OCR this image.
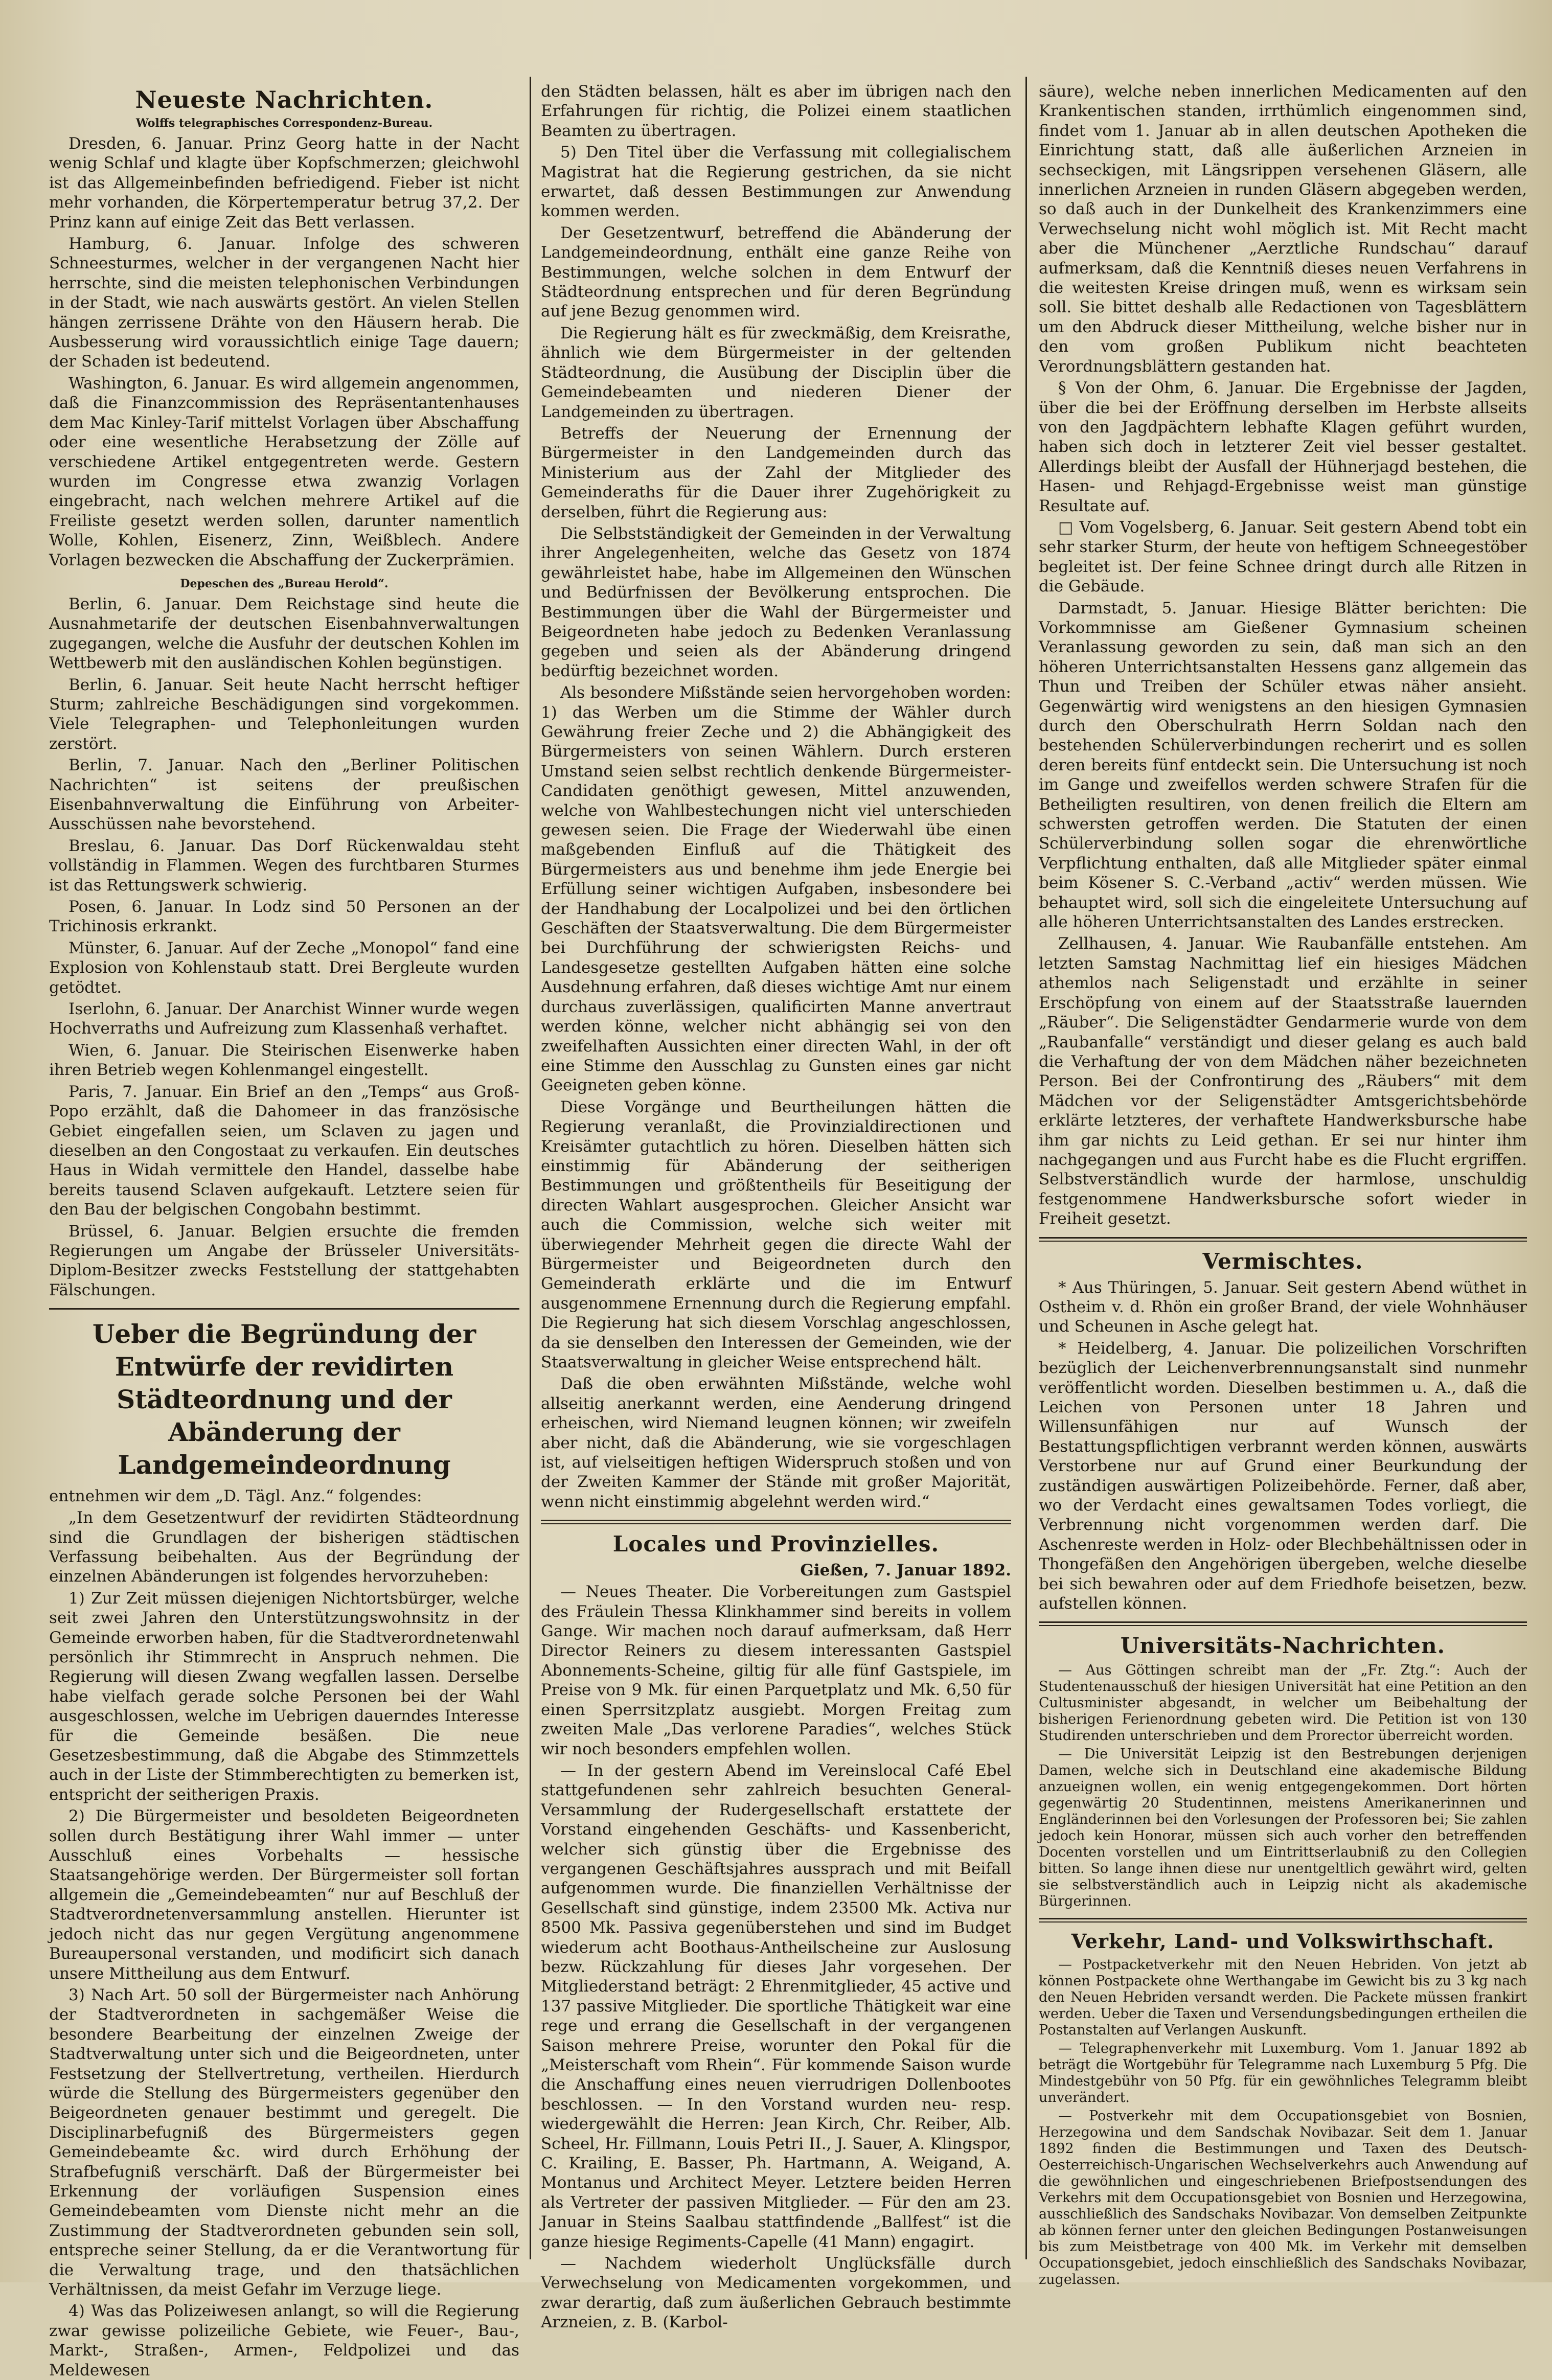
Neueste Nachrichten.
Wolffs telegraphisches Correspondenz-Bureau.

Dresden, 6. Januar. Prinz Georg hatte in der Nacht wenig Schlaf und klagte über Kopfschmerzen; gleichwohl ist das Allgemeinbefinden befriedigend. Fieber ist nicht mehr vorhanden, die Körpertemperatur betrug 37,2. Der Prinz kann auf einige Zeit das Bett verlassen.

Hamburg, 6. Januar. Infolge des schweren Schneesturmes, welcher in der vergangenen Nacht hier herrschte, sind die meisten telephonischen Verbindungen in der Stadt, wie nach auswärts gestört. An vielen Stellen hängen zerrissene Drähte von den Häusern herab. Die Ausbesserung wird voraussichtlich einige Tage dauern; der Schaden ist bedeutend.

Washington, 6. Januar. Es wird allgemein angenommen, daß die Finanzcommission des Repräsentantenhauses dem Mac Kinley-Tarif mittelst Vorlagen über Abschaffung oder eine wesentliche Herabsetzung der Zölle auf verschiedene Artikel entgegentreten werde. Gestern wurden im Congresse etwa zwanzig Vorlagen eingebracht, nach welchen mehrere Artikel auf die Freiliste gesetzt werden sollen, darunter namentlich Wolle, Kohlen, Eisenerz, Zinn, Weißblech. Andere Vorlagen bezwecken die Abschaffung der Zuckerprämien.

Depeschen des „Bureau Herold“.

Berlin, 6. Januar. Dem Reichstage sind heute die Ausnahmetarife der deutschen Eisenbahnverwaltungen zugegangen, welche die Ausfuhr der deutschen Kohlen im Wettbewerb mit den ausländischen Kohlen begünstigen.

Berlin, 6. Januar. Seit heute Nacht herrscht heftiger Sturm; zahlreiche Beschädigungen sind vorgekommen. Viele Telegraphen- und Telephonleitungen wurden zerstört.

Berlin, 7. Januar. Nach den „Berliner Politischen Nachrichten“ ist seitens der preußischen Eisenbahnverwaltung die Einführung von Arbeiter-Ausschüssen nahe bevorstehend.

Breslau, 6. Januar. Das Dorf Rückenwaldau steht vollständig in Flammen. Wegen des furchtbaren Sturmes ist das Rettungswerk schwierig.

Posen, 6. Januar. In Lodz sind 50 Personen an der Trichinosis erkrankt.

Münster, 6. Januar. Auf der Zeche „Monopol“ fand eine Explosion von Kohlenstaub statt. Drei Bergleute wurden getödtet.

Iserlohn, 6. Januar. Der Anarchist Winner wurde wegen Hochverraths und Aufreizung zum Klassenhaß verhaftet.

Wien, 6. Januar. Die Steirischen Eisenwerke haben ihren Betrieb wegen Kohlenmangel eingestellt.

Paris, 7. Januar. Ein Brief an den „Temps“ aus Groß-Popo erzählt, daß die Dahomeer in das französische Gebiet eingefallen seien, um Sclaven zu jagen und dieselben an den Congostaat zu verkaufen. Ein deutsches Haus in Widah vermittele den Handel, dasselbe habe bereits tausend Sclaven aufgekauft. Letztere seien für den Bau der belgischen Congobahn bestimmt.

Brüssel, 6. Januar. Belgien ersuchte die fremden Regierungen um Angabe der Brüsseler Universitäts-Diplom-Besitzer zwecks Feststellung der stattgehabten Fälschungen.

Ueber die Begründung der Entwürfe der revidirten Städteordnung und der Abänderung der Landgemeindeordnung

entnehmen wir dem „D. Tägl. Anz.“ folgendes:

„In dem Gesetzentwurf der revidirten Städteordnung sind die Grundlagen der bisherigen städtischen Verfassung beibehalten. Aus der Begründung der einzelnen Abänderungen ist folgendes hervorzuheben:

1) Zur Zeit müssen diejenigen Nichtortsbürger, welche seit zwei Jahren den Unterstützungswohnsitz in der Gemeinde erworben haben, für die Stadtverordnetenwahl persönlich ihr Stimmrecht in Anspruch nehmen. Die Regierung will diesen Zwang wegfallen lassen. Derselbe habe vielfach gerade solche Personen bei der Wahl ausgeschlossen, welche im Uebrigen dauerndes Interesse für die Gemeinde besäßen. Die neue Gesetzesbestimmung, daß die Abgabe des Stimmzettels auch in der Liste der Stimmberechtigten zu bemerken ist, entspricht der seitherigen Praxis.

2) Die Bürgermeister und besoldeten Beigeordneten sollen durch Bestätigung ihrer Wahl immer — unter Ausschluß eines Vorbehalts — hessische Staatsangehörige werden. Der Bürgermeister soll fortan allgemein die „Gemeindebeamten“ nur auf Beschluß der Stadtverordnetenversammlung anstellen. Hierunter ist jedoch nicht das nur gegen Vergütung angenommene Bureaupersonal verstanden, und modificirt sich danach unsere Mittheilung aus dem Entwurf.

3) Nach Art. 50 soll der Bürgermeister nach Anhörung der Stadtverordneten in sachgemäßer Weise die besondere Bearbeitung der einzelnen Zweige der Stadtverwaltung unter sich und die Beigeordneten, unter Festsetzung der Stellvertretung, vertheilen. Hierdurch würde die Stellung des Bürgermeisters gegenüber den Beigeordneten genauer bestimmt und geregelt. Die Disciplinarbefugniß des Bürgermeisters gegen Gemeindebeamte &c. wird durch Erhöhung der Strafbefugniß verschärft. Daß der Bürgermeister bei Erkennung der vorläufigen Suspension eines Gemeindebeamten vom Dienste nicht mehr an die Zustimmung der Stadtverordneten gebunden sein soll, entspreche seiner Stellung, da er die Verantwortung für die Verwaltung trage, und den thatsächlichen Verhältnissen, da meist Gefahr im Verzuge liege.

4) Was das Polizeiwesen anlangt, so will die Regierung zwar gewisse polizeiliche Gebiete, wie Feuer-, Bau-, Markt-, Straßen-, Armen-, Feldpolizei und das Meldewesen

den Städten belassen, hält es aber im übrigen nach den Erfahrungen für richtig, die Polizei einem staatlichen Beamten zu übertragen.

5) Den Titel über die Verfassung mit collegialischem Magistrat hat die Regierung gestrichen, da sie nicht erwartet, daß dessen Bestimmungen zur Anwendung kommen werden.

Der Gesetzentwurf, betreffend die Abänderung der Landgemeindeordnung, enthält eine ganze Reihe von Bestimmungen, welche solchen in dem Entwurf der Städteordnung entsprechen und für deren Begründung auf jene Bezug genommen wird.

Die Regierung hält es für zweckmäßig, dem Kreisrathe, ähnlich wie dem Bürgermeister in der geltenden Städteordnung, die Ausübung der Disciplin über die Gemeindebeamten und niederen Diener der Landgemeinden zu übertragen.

Betreffs der Neuerung der Ernennung der Bürgermeister in den Landgemeinden durch das Ministerium aus der Zahl der Mitglieder des Gemeinderaths für die Dauer ihrer Zugehörigkeit zu derselben, führt die Regierung aus:

Die Selbstständigkeit der Gemeinden in der Verwaltung ihrer Angelegenheiten, welche das Gesetz von 1874 gewährleistet habe, habe im Allgemeinen den Wünschen und Bedürfnissen der Bevölkerung entsprochen. Die Bestimmungen über die Wahl der Bürgermeister und Beigeordneten habe jedoch zu Bedenken Veranlassung gegeben und seien als der Abänderung dringend bedürftig bezeichnet worden.

Als besondere Mißstände seien hervorgehoben worden: 1) das Werben um die Stimme der Wähler durch Gewährung freier Zeche und 2) die Abhängigkeit des Bürgermeisters von seinen Wählern. Durch ersteren Umstand seien selbst rechtlich denkende Bürgermeister-Candidaten genöthigt gewesen, Mittel anzuwenden, welche von Wahlbestechungen nicht viel unterschieden gewesen seien. Die Frage der Wiederwahl übe einen maßgebenden Einfluß auf die Thätigkeit des Bürgermeisters aus und benehme ihm jede Energie bei Erfüllung seiner wichtigen Aufgaben, insbesondere bei der Handhabung der Localpolizei und bei den örtlichen Geschäften der Staatsverwaltung. Die dem Bürgermeister bei Durchführung der schwierigsten Reichs- und Landesgesetze gestellten Aufgaben hätten eine solche Ausdehnung erfahren, daß dieses wichtige Amt nur einem durchaus zuverlässigen, qualificirten Manne anvertraut werden könne, welcher nicht abhängig sei von den zweifelhaften Aussichten einer directen Wahl, in der oft eine Stimme den Ausschlag zu Gunsten eines gar nicht Geeigneten geben könne.

Diese Vorgänge und Beurtheilungen hätten die Regierung veranlaßt, die Provinzialdirectionen und Kreisämter gutachtlich zu hören. Dieselben hätten sich einstimmig für Abänderung der seitherigen Bestimmungen und größtentheils für Beseitigung der directen Wahlart ausgesprochen. Gleicher Ansicht war auch die Commission, welche sich weiter mit überwiegender Mehrheit gegen die directe Wahl der Bürgermeister und Beigeordneten durch den Gemeinderath erklärte und die im Entwurf ausgenommene Ernennung durch die Regierung empfahl. Die Regierung hat sich diesem Vorschlag angeschlossen, da sie denselben den Interessen der Gemeinden, wie der Staatsverwaltung in gleicher Weise entsprechend hält.

Daß die oben erwähnten Mißstände, welche wohl allseitig anerkannt werden, eine Aenderung dringend erheischen, wird Niemand leugnen können; wir zweifeln aber nicht, daß die Abänderung, wie sie vorgeschlagen ist, auf vielseitigen heftigen Widerspruch stoßen und von der Zweiten Kammer der Stände mit großer Majorität, wenn nicht einstimmig abgelehnt werden wird.“

Locales und Provinzielles.
Gießen, 7. Januar 1892.

— Neues Theater. Die Vorbereitungen zum Gastspiel des Fräulein Thessa Klinkhammer sind bereits in vollem Gange. Wir machen noch darauf aufmerksam, daß Herr Director Reiners zu diesem interessanten Gastspiel Abonnements-Scheine, giltig für alle fünf Gastspiele, im Preise von 9 Mk. für einen Parquetplatz und Mk. 6,50 für einen Sperrsitzplatz ausgiebt. Morgen Freitag zum zweiten Male „Das verlorene Paradies“, welches Stück wir noch besonders empfehlen wollen.

— In der gestern Abend im Vereinslocal Café Ebel stattgefundenen sehr zahlreich besuchten General-Versammlung der Rudergesellschaft erstattete der Vorstand eingehenden Geschäfts- und Kassenbericht, welcher sich günstig über die Ergebnisse des vergangenen Geschäftsjahres aussprach und mit Beifall aufgenommen wurde. Die finanziellen Verhältnisse der Gesellschaft sind günstige, indem 23500 Mk. Activa nur 8500 Mk. Passiva gegenüberstehen und sind im Budget wiederum acht Boothaus-Antheilscheine zur Auslosung bezw. Rückzahlung für dieses Jahr vorgesehen. Der Mitgliederstand beträgt: 2 Ehrenmitglieder, 45 active und 137 passive Mitglieder. Die sportliche Thätigkeit war eine rege und errang die Gesellschaft in der vergangenen Saison mehrere Preise, worunter den Pokal für die „Meisterschaft vom Rhein“. Für kommende Saison wurde die Anschaffung eines neuen vierrudrigen Dollenbootes beschlossen. — In den Vorstand wurden neu- resp. wiedergewählt die Herren: Jean Kirch, Chr. Reiber, Alb. Scheel, Hr. Fillmann, Louis Petri II., J. Sauer, A. Klingspor, C. Krailing, E. Basser, Ph. Hartmann, A. Weigand, A. Montanus und Architect Meyer. Letztere beiden Herren als Vertreter der passiven Mitglieder. — Für den am 23. Januar in Steins Saalbau stattfindende „Ballfest“ ist die ganze hiesige Regiments-Capelle (41 Mann) engagirt.

— Nachdem wiederholt Unglücksfälle durch Verwechselung von Medicamenten vorgekommen, und zwar derartig, daß zum äußerlichen Gebrauch bestimmte Arzneien, z. B. (Karbol-

säure), welche neben innerlichen Medicamenten auf den Krankentischen standen, irrthümlich eingenommen sind, findet vom 1. Januar ab in allen deutschen Apotheken die Einrichtung statt, daß alle äußerlichen Arzneien in sechseckigen, mit Längsrippen versehenen Gläsern, alle innerlichen Arzneien in runden Gläsern abgegeben werden, so daß auch in der Dunkelheit des Krankenzimmers eine Verwechselung nicht wohl möglich ist. Mit Recht macht aber die Münchener „Aerztliche Rundschau“ darauf aufmerksam, daß die Kenntniß dieses neuen Verfahrens in die weitesten Kreise dringen muß, wenn es wirksam sein soll. Sie bittet deshalb alle Redactionen von Tagesblättern um den Abdruck dieser Mittheilung, welche bisher nur in den vom großen Publikum nicht beachteten Verordnungsblättern gestanden hat.

§ Von der Ohm, 6. Januar. Die Ergebnisse der Jagden, über die bei der Eröffnung derselben im Herbste allseits von den Jagdpächtern lebhafte Klagen geführt wurden, haben sich doch in letzterer Zeit viel besser gestaltet. Allerdings bleibt der Ausfall der Hühnerjagd bestehen, die Hasen- und Rehjagd-Ergebnisse weist man günstige Resultate auf.

□ Vom Vogelsberg, 6. Januar. Seit gestern Abend tobt ein sehr starker Sturm, der heute von heftigem Schneegestöber begleitet ist. Der feine Schnee dringt durch alle Ritzen in die Gebäude.

Darmstadt, 5. Januar. Hiesige Blätter berichten: Die Vorkommnisse am Gießener Gymnasium scheinen Veranlassung geworden zu sein, daß man sich an den höheren Unterrichtsanstalten Hessens ganz allgemein das Thun und Treiben der Schüler etwas näher ansieht. Gegenwärtig wird wenigstens an den hiesigen Gymnasien durch den Oberschulrath Herrn Soldan nach den bestehenden Schülerverbindungen recherirt und es sollen deren bereits fünf entdeckt sein. Die Untersuchung ist noch im Gange und zweifellos werden schwere Strafen für die Betheiligten resultiren, von denen freilich die Eltern am schwersten getroffen werden. Die Statuten der einen Schülerverbindung sollen sogar die ehrenwörtliche Verpflichtung enthalten, daß alle Mitglieder später einmal beim Kösener S. C.-Verband „activ“ werden müssen. Wie behauptet wird, soll sich die eingeleitete Untersuchung auf alle höheren Unterrichtsanstalten des Landes erstrecken.

Zellhausen, 4. Januar. Wie Raubanfälle entstehen. Am letzten Samstag Nachmittag lief ein hiesiges Mädchen athemlos nach Seligenstadt und erzählte in seiner Erschöpfung von einem auf der Staatsstraße lauernden „Räuber“. Die Seligenstädter Gendarmerie wurde von dem „Raubanfalle“ verständigt und dieser gelang es auch bald die Verhaftung der von dem Mädchen näher bezeichneten Person. Bei der Confrontirung des „Räubers“ mit dem Mädchen vor der Seligenstädter Amtsgerichtsbehörde erklärte letzteres, der verhaftete Handwerksbursche habe ihm gar nichts zu Leid gethan. Er sei nur hinter ihm nachgegangen und aus Furcht habe es die Flucht ergriffen. Selbstverständlich wurde der harmlose, unschuldig festgenommene Handwerksbursche sofort wieder in Freiheit gesetzt.

Vermischtes.

* Aus Thüringen, 5. Januar. Seit gestern Abend wüthet in Ostheim v. d. Rhön ein großer Brand, der viele Wohnhäuser und Scheunen in Asche gelegt hat.

* Heidelberg, 4. Januar. Die polizeilichen Vorschriften bezüglich der Leichenverbrennungsanstalt sind nunmehr veröffentlicht worden. Dieselben bestimmen u. A., daß die Leichen von Personen unter 18 Jahren und Willensunfähigen nur auf Wunsch der Bestattungspflichtigen verbrannt werden können, auswärts Verstorbene nur auf Grund einer Beurkundung der zuständigen auswärtigen Polizeibehörde. Ferner, daß aber, wo der Verdacht eines gewaltsamen Todes vorliegt, die Verbrennung nicht vorgenommen werden darf. Die Aschenreste werden in Holz- oder Blechbehältnissen oder in Thongefäßen den Angehörigen übergeben, welche dieselbe bei sich bewahren oder auf dem Friedhofe beisetzen, bezw. aufstellen können.

Universitäts-Nachrichten.

— Aus Göttingen schreibt man der „Fr. Ztg.“: Auch der Studentenausschuß der hiesigen Universität hat eine Petition an den Cultusminister abgesandt, in welcher um Beibehaltung der bisherigen Ferienordnung gebeten wird. Die Petition ist von 130 Studirenden unterschrieben und dem Prorector überreicht worden.

— Die Universität Leipzig ist den Bestrebungen derjenigen Damen, welche sich in Deutschland eine akademische Bildung anzueignen wollen, ein wenig entgegengekommen. Dort hörten gegenwärtig 20 Studentinnen, meistens Amerikanerinnen und Engländerinnen bei den Vorlesungen der Professoren bei; Sie zahlen jedoch kein Honorar, müssen sich auch vorher den betreffenden Docenten vorstellen und um Eintrittserlaubniß zu den Collegien bitten. So lange ihnen diese nur unentgeltlich gewährt wird, gelten sie selbstverständlich auch in Leipzig nicht als akademische Bürgerinnen.

Verkehr, Land- und Volkswirthschaft.

— Postpacketverkehr mit den Neuen Hebriden. Von jetzt ab können Postpackete ohne Werthangabe im Gewicht bis zu 3 kg nach den Neuen Hebriden versandt werden. Die Packete müssen frankirt werden. Ueber die Taxen und Versendungsbedingungen ertheilen die Postanstalten auf Verlangen Auskunft.

— Telegraphenverkehr mit Luxemburg. Vom 1. Januar 1892 ab beträgt die Wortgebühr für Telegramme nach Luxemburg 5 Pfg. Die Mindestgebühr von 50 Pfg. für ein gewöhnliches Telegramm bleibt unverändert.

— Postverkehr mit dem Occupationsgebiet von Bosnien, Herzegowina und dem Sandschak Novibazar. Seit dem 1. Januar 1892 finden die Bestimmungen und Taxen des Deutsch-Oesterreichisch-Ungarischen Wechselverkehrs auch Anwendung auf die gewöhnlichen und eingeschriebenen Briefpostsendungen des Verkehrs mit dem Occupationsgebiet von Bosnien und Herzegowina, ausschließlich des Sandschaks Novibazar. Von demselben Zeitpunkte ab können ferner unter den gleichen Bedingungen Postanweisungen bis zum Meistbetrage von 400 Mk. im Verkehr mit demselben Occupationsgebiet, jedoch einschließlich des Sandschaks Novibazar, zugelassen.
